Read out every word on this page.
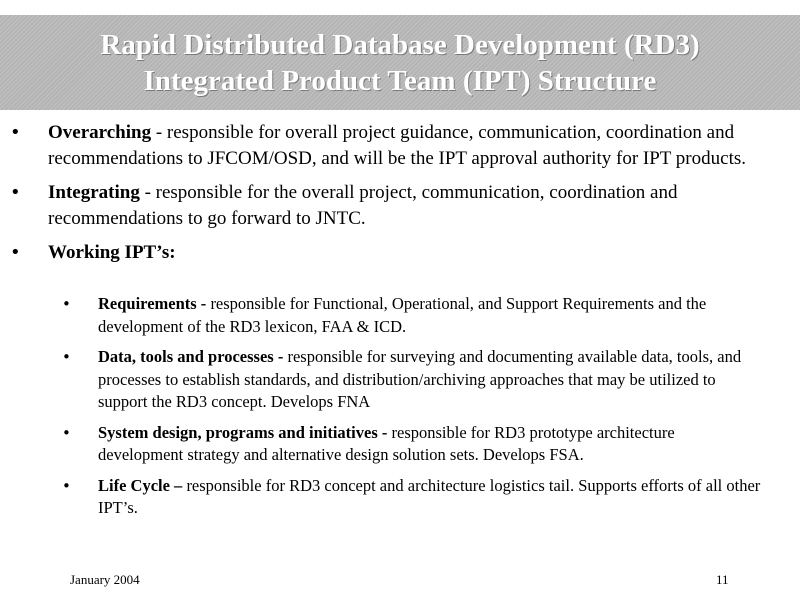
Rapid Distributed Database Development (RD3)
Integrated Product Team (IPT) Structure
• Overarching - responsible for overall project guidance, communication, coordination and recommendations to JFCOM/OSD, and will be the IPT approval authority for IPT products.
• Integrating - responsible for the overall project, communication, coordination and recommendations to go forward to JNTC.
• Working IPT’s:
• Requirements - responsible for Functional, Operational, and Support Requirements and the development of the RD3 lexicon, FAA & ICD.
• Data, tools and processes - responsible for surveying and documenting available data, tools, and processes to establish standards, and distribution/archiving approaches that may be utilized to support the RD3 concept. Develops FNA
• System design, programs and initiatives - responsible for RD3 prototype architecture development strategy and alternative design solution sets. Develops FSA.
• Life Cycle – responsible for RD3 concept and architecture logistics tail. Supports efforts of all other IPT’s.
January 2004	11
